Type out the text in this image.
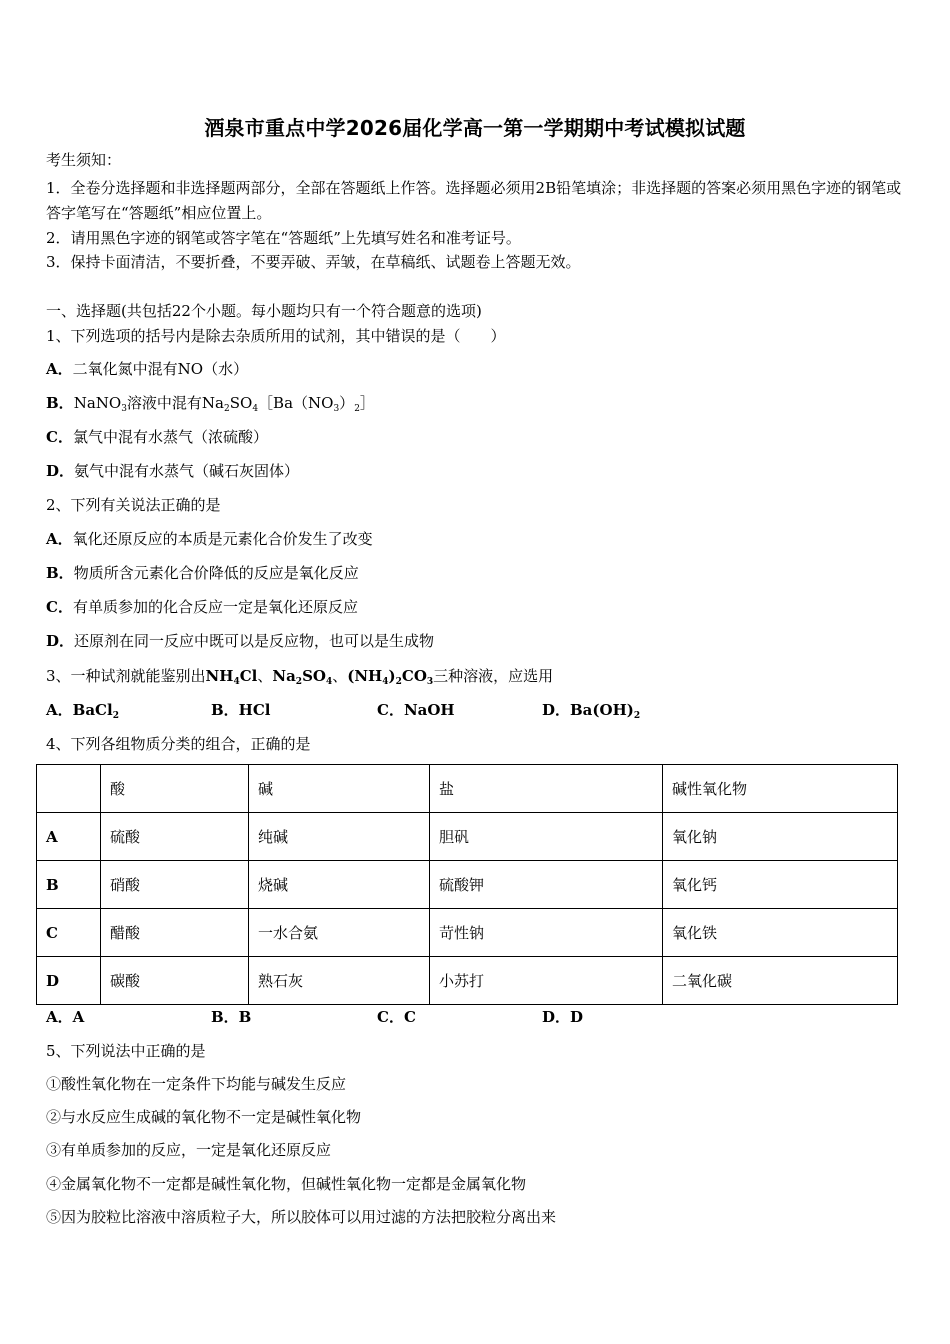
酒泉市重点中学2026届化学高一第一学期期中考试模拟试题
考生须知：
1．全卷分选择题和非选择题两部分，全部在答题纸上作答。选择题必须用2B铅笔填涂；非选择题的答案必须用黑色字迹的钢笔或答字笔写在“答题纸”相应位置上。
2．请用黑色字迹的钢笔或答字笔在“答题纸”上先填写姓名和准考证号。
3．保持卡面清洁，不要折叠，不要弄破、弄皱，在草稿纸、试题卷上答题无效。
一、选择题(共包括22个小题。每小题均只有一个符合题意的选项)
1、下列选项的括号内是除去杂质所用的试剂，其中错误的是（　　）
A．二氧化氮中混有NO（水）
B．NaNO$_3$溶液中混有$Na_2SO_4[Ba(NO_3)_2]$
C．氯气中混有水蒸气（浓硫酸）
D．氨气中混有水蒸气（碱石灰固体）
2、下列有关说法正确的是
A．氧化还原反应的本质是元素化合价发生了改变
B．物质所含元素化合价降低的反应是氧化反应
C．有单质参加的化合反应一定是氧化还原反应
D．还原剂在同一反应中既可以是反应物，也可以是生成物
3、一种试剂就能鉴别出$NH_4Cl$、$Na_2SO_4$、$(NH_4)_2CO_3$三种溶液，应选用
A．BaCl$_2$	B．HCl	C．NaOH	D．$Ba(OH)_2$
4、下列各组物质分类的组合，正确的是
	酸	碱	盐	碱性氧化物
A	硫酸	纯碱	胆矾	氧化钠
B	硝酸	烧碱	硫酸钾	氧化钙
C	醋酸	一水合氨	苛性钠	氧化铁
D	碳酸	熟石灰	小苏打	二氧化碳
A．A	B．B	C．C	D．D
5、下列说法中正确的是
①酸性氧化物在一定条件下均能与碱发生反应
②与水反应生成碱的氧化物不一定是碱性氧化物
③有单质参加的反应，一定是氧化还原反应
④金属氧化物不一定都是碱性氧化物，但碱性氧化物一定都是金属氧化物
⑤因为胶粒比溶液中溶质粒子大，所以胶体可以用过滤的方法把胶粒分离出来
